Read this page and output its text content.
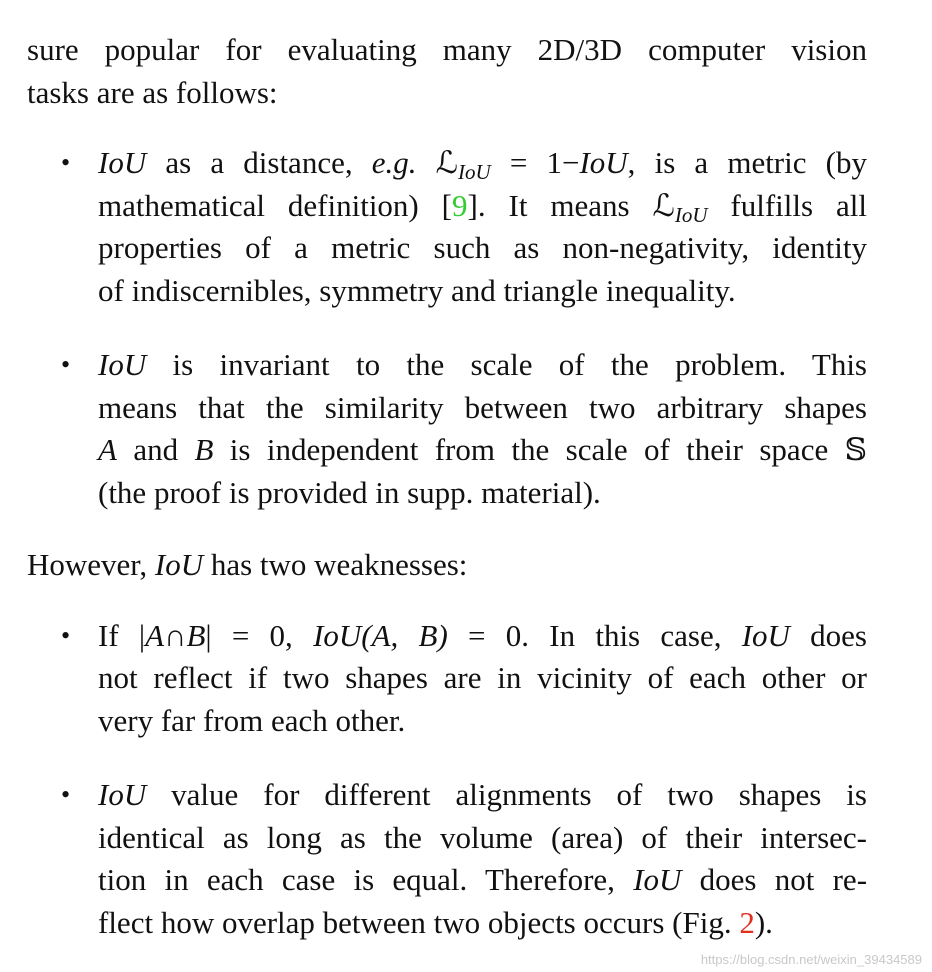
sure popular for evaluating many 2D/3D computer vision
tasks are as follows:
• IoU as a distance, e.g. ℒ$_{IoU}$ = 1−IoU, is a metric (by
mathematical definition) [9]. It means ℒ$_{IoU}$ fulfills all
properties of a metric such as non-negativity, identity
of indiscernibles, symmetry and triangle inequality.
• IoU is invariant to the scale of the problem. This
means that the similarity between two arbitrary shapes
A and B is independent from the scale of their space 𝕊
(the proof is provided in supp. material).
However, IoU has two weaknesses:
• If |A∩B| = 0, IoU(A, B) = 0. In this case, IoU does
not reflect if two shapes are in vicinity of each other or
very far from each other.
• IoU value for different alignments of two shapes is
identical as long as the volume (area) of their intersec-
tion in each case is equal. Therefore, IoU does not re-
flect how overlap between two objects occurs (Fig. 2).
https://blog.csdn.net/weixin_39434589
